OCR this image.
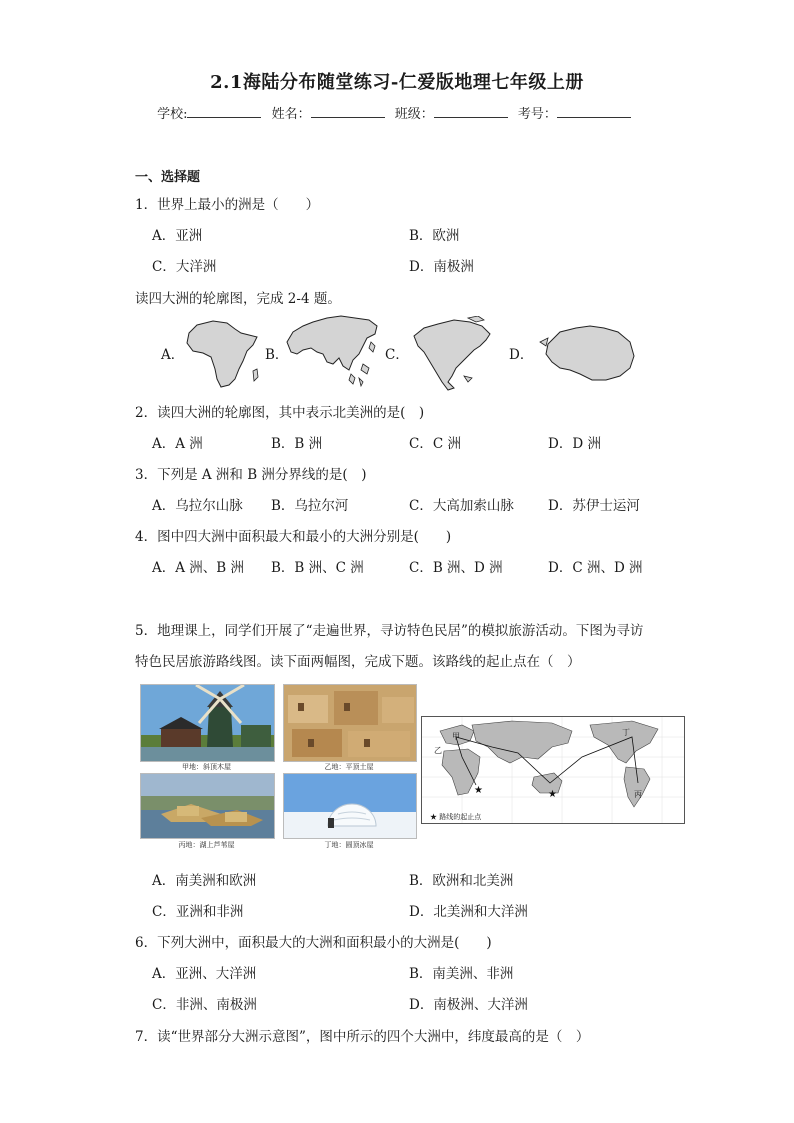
2.1海陆分布随堂练习-仁爱版地理七年级上册
学校:	姓名：	班级：	考号：
一、选择题
1．世界上最小的洲是（　　）
A．亚洲	B．欧洲
C．大洋洲	D．南极洲
读四大洲的轮廓图，完成 2-4 题。
A．	B．	C．	D．
2．读四大洲的轮廓图，其中表示北美洲的是(　)
A．A 洲	B．B 洲	C．C 洲	D．D 洲
3．下列是 A 洲和 B 洲分界线的是(　)
A．乌拉尔山脉 B．乌拉尔河	C．大高加索山脉	D．苏伊士运河
4．图中四大洲中面积最大和最小的大洲分别是(　　)
A．A 洲、B 洲 B．B 洲、C 洲	C．B 洲、D 洲	D．C 洲、D 洲
5．地理课上，同学们开展了“走遍世界，寻访特色民居”的模拟旅游活动。下图为寻访
特色民居旅游路线图。读下面两幅图，完成下题。该路线的起止点在（　）
甲地：斜顶木屋	乙地：平顶土屋
丙地：湖上芦苇屋	丁地：圆顶冰屋
★	★
乙
甲	丁
丙
★ 路线的起止点
A．南美洲和欧洲	B．欧洲和北美洲
C．亚洲和非洲	D．北美洲和大洋洲
6．下列大洲中，面积最大的大洲和面积最小的大洲是(　　)
A．亚洲、大洋洲	B．南美洲、非洲
C．非洲、南极洲	D．南极洲、大洋洲
7．读“世界部分大洲示意图”，图中所示的四个大洲中，纬度最高的是（　）
